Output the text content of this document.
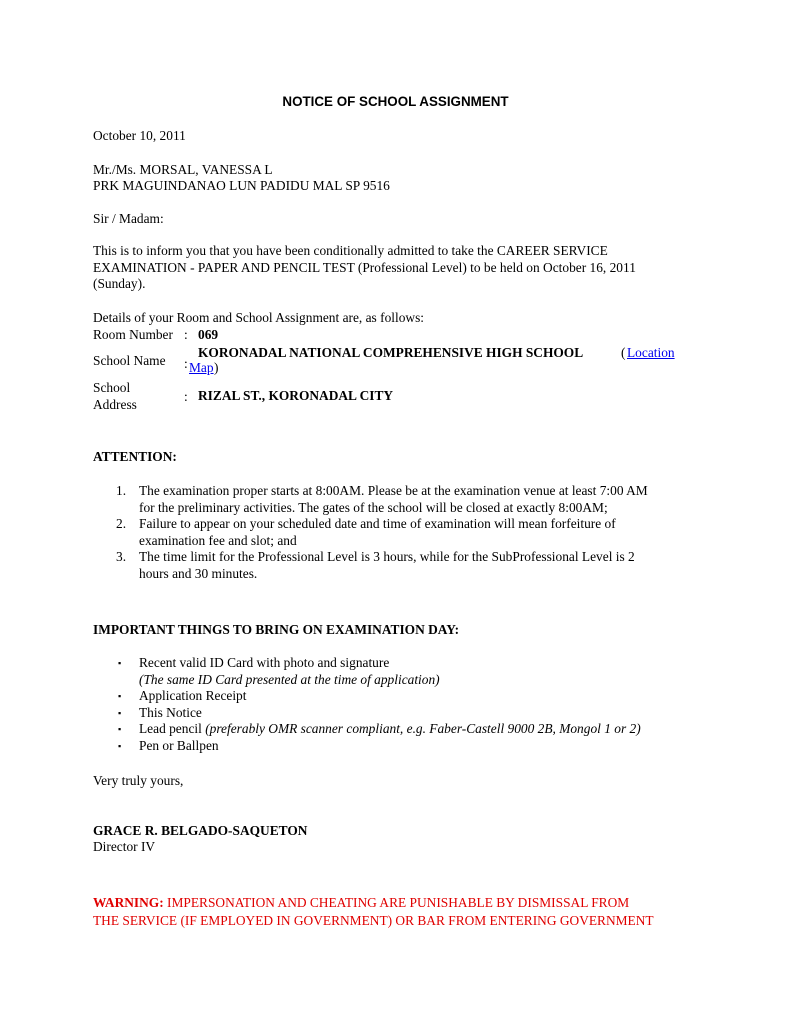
NOTICE OF SCHOOL ASSIGNMENT
October 10, 2011
Mr./Ms. MORSAL, VANESSA L
PRK MAGUINDANAO LUN PADIDU MAL SP 9516
Sir / Madam:
This is to inform you that you have been conditionally admitted to take the CAREER SERVICE
EXAMINATION - PAPER AND PENCIL TEST (Professional Level) to be held on October 16, 2011
(Sunday).
Details of your Room and School Assignment are, as follows:
Room Number : 069
School Name :
KORONADAL NATIONAL COMPREHENSIVE HIGH SCHOOL	( Location
Map )
School
Address
: RIZAL ST., KORONADAL CITY
ATTENTION:
1. The examination proper starts at 8:00AM. Please be at the examination venue at least 7:00 AM
for the preliminary activities. The gates of the school will be closed at exactly 8:00AM;
2. Failure to appear on your scheduled date and time of examination will mean forfeiture of
examination fee and slot; and
3. The time limit for the Professional Level is 3 hours, while for the SubProfessional Level is 2
hours and 30 minutes.
IMPORTANT THINGS TO BRING ON EXAMINATION DAY:
▪ Recent valid ID Card with photo and signature
(The same ID Card presented at the time of application)
▪ Application Receipt
▪ This Notice
▪ Lead pencil (preferably OMR scanner compliant, e.g. Faber-Castell 9000 2B, Mongol 1 or 2)
▪ Pen or Ballpen
Very truly yours,
GRACE R. BELGADO-SAQUETON
Director IV
WARNING: IMPERSONATION AND CHEATING ARE PUNISHABLE BY DISMISSAL FROM
THE SERVICE (IF EMPLOYED IN GOVERNMENT) OR BAR FROM ENTERING GOVERNMENT
